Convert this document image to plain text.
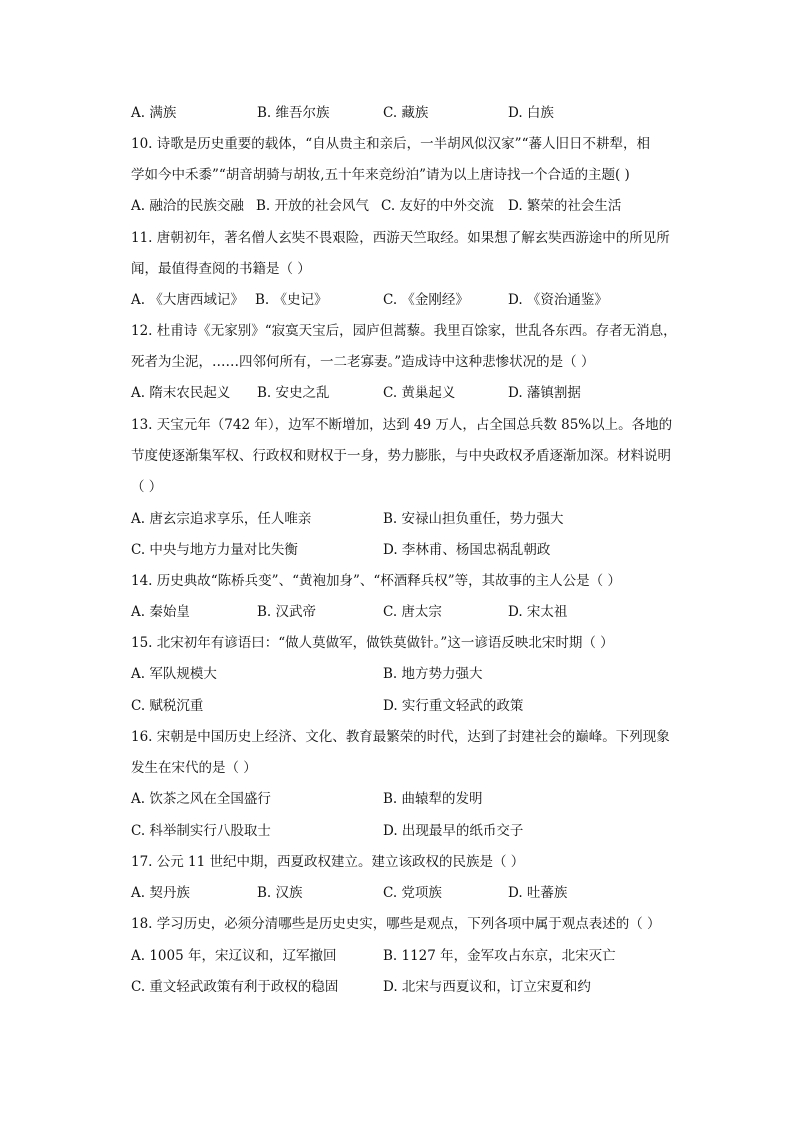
A. 满族	B. 维吾尔族	C. 藏族	D. 白族
10. 诗歌是历史重要的载体，“自从贵主和亲后，一半胡风似汉家”“蕃人旧日不耕犁，相
学如今中禾黍”“胡音胡骑与胡妆,五十年来竞纷泊”请为以上唐诗找一个合适的主题( )
A. 融洽的民族交融 B. 开放的社会风气 C. 友好的中外交流 D. 繁荣的社会生活
11. 唐朝初年，著名僧人玄奘不畏艰险，西游天竺取经。如果想了解玄奘西游途中的所见所
闻，最值得查阅的书籍是（ ）
A. 《大唐西域记》 B. 《史记》	C. 《金刚经》	D. 《资治通鉴》
12. 杜甫诗《无家别》“寂寞天宝后，园庐但蒿藜。我里百馀家，世乱各东西。存者无消息，
死者为尘泥，……四邻何所有，一二老寡妻。”造成诗中这种悲惨状况的是（ ）
A. 隋末农民起义 B. 安史之乱	C. 黄巢起义	D. 藩镇割据
13. 天宝元年（742 年），边军不断增加，达到 49 万人，占全国总兵数 85%以上。各地的
节度使逐渐集军权、行政权和财权于一身，势力膨胀，与中央政权矛盾逐渐加深。材料说明
（ ）
A. 唐玄宗追求享乐，任人唯亲	B. 安禄山担负重任，势力强大
C. 中央与地方力量对比失衡	D. 李林甫、杨国忠祸乱朝政
14. 历史典故“陈桥兵变”、“黄袍加身”、“杯酒释兵权”等，其故事的主人公是（ ）
A. 秦始皇	B. 汉武帝	C. 唐太宗	D. 宋太祖
15. 北宋初年有谚语曰：“做人莫做军，做铁莫做针。”这一谚语反映北宋时期（ ）
A. 军队规模大	B. 地方势力强大
C. 赋税沉重	D. 实行重文轻武的政策
16. 宋朝是中国历史上经济、文化、教育最繁荣的时代，达到了封建社会的巅峰。下列现象
发生在宋代的是（ ）
A. 饮茶之风在全国盛行	B. 曲辕犁的发明
C. 科举制实行八股取士	D. 出现最早的纸币交子
17. 公元 11 世纪中期，西夏政权建立。建立该政权的民族是（ ）
A. 契丹族	B. 汉族	C. 党项族	D. 吐蕃族
18. 学习历史，必须分清哪些是历史史实，哪些是观点，下列各项中属于观点表述的（ ）
A. 1005 年，宋辽议和，辽军撤回	B. 1127 年，金军攻占东京，北宋灭亡
C. 重文轻武政策有利于政权的稳固	D. 北宋与西夏议和，订立宋夏和约
